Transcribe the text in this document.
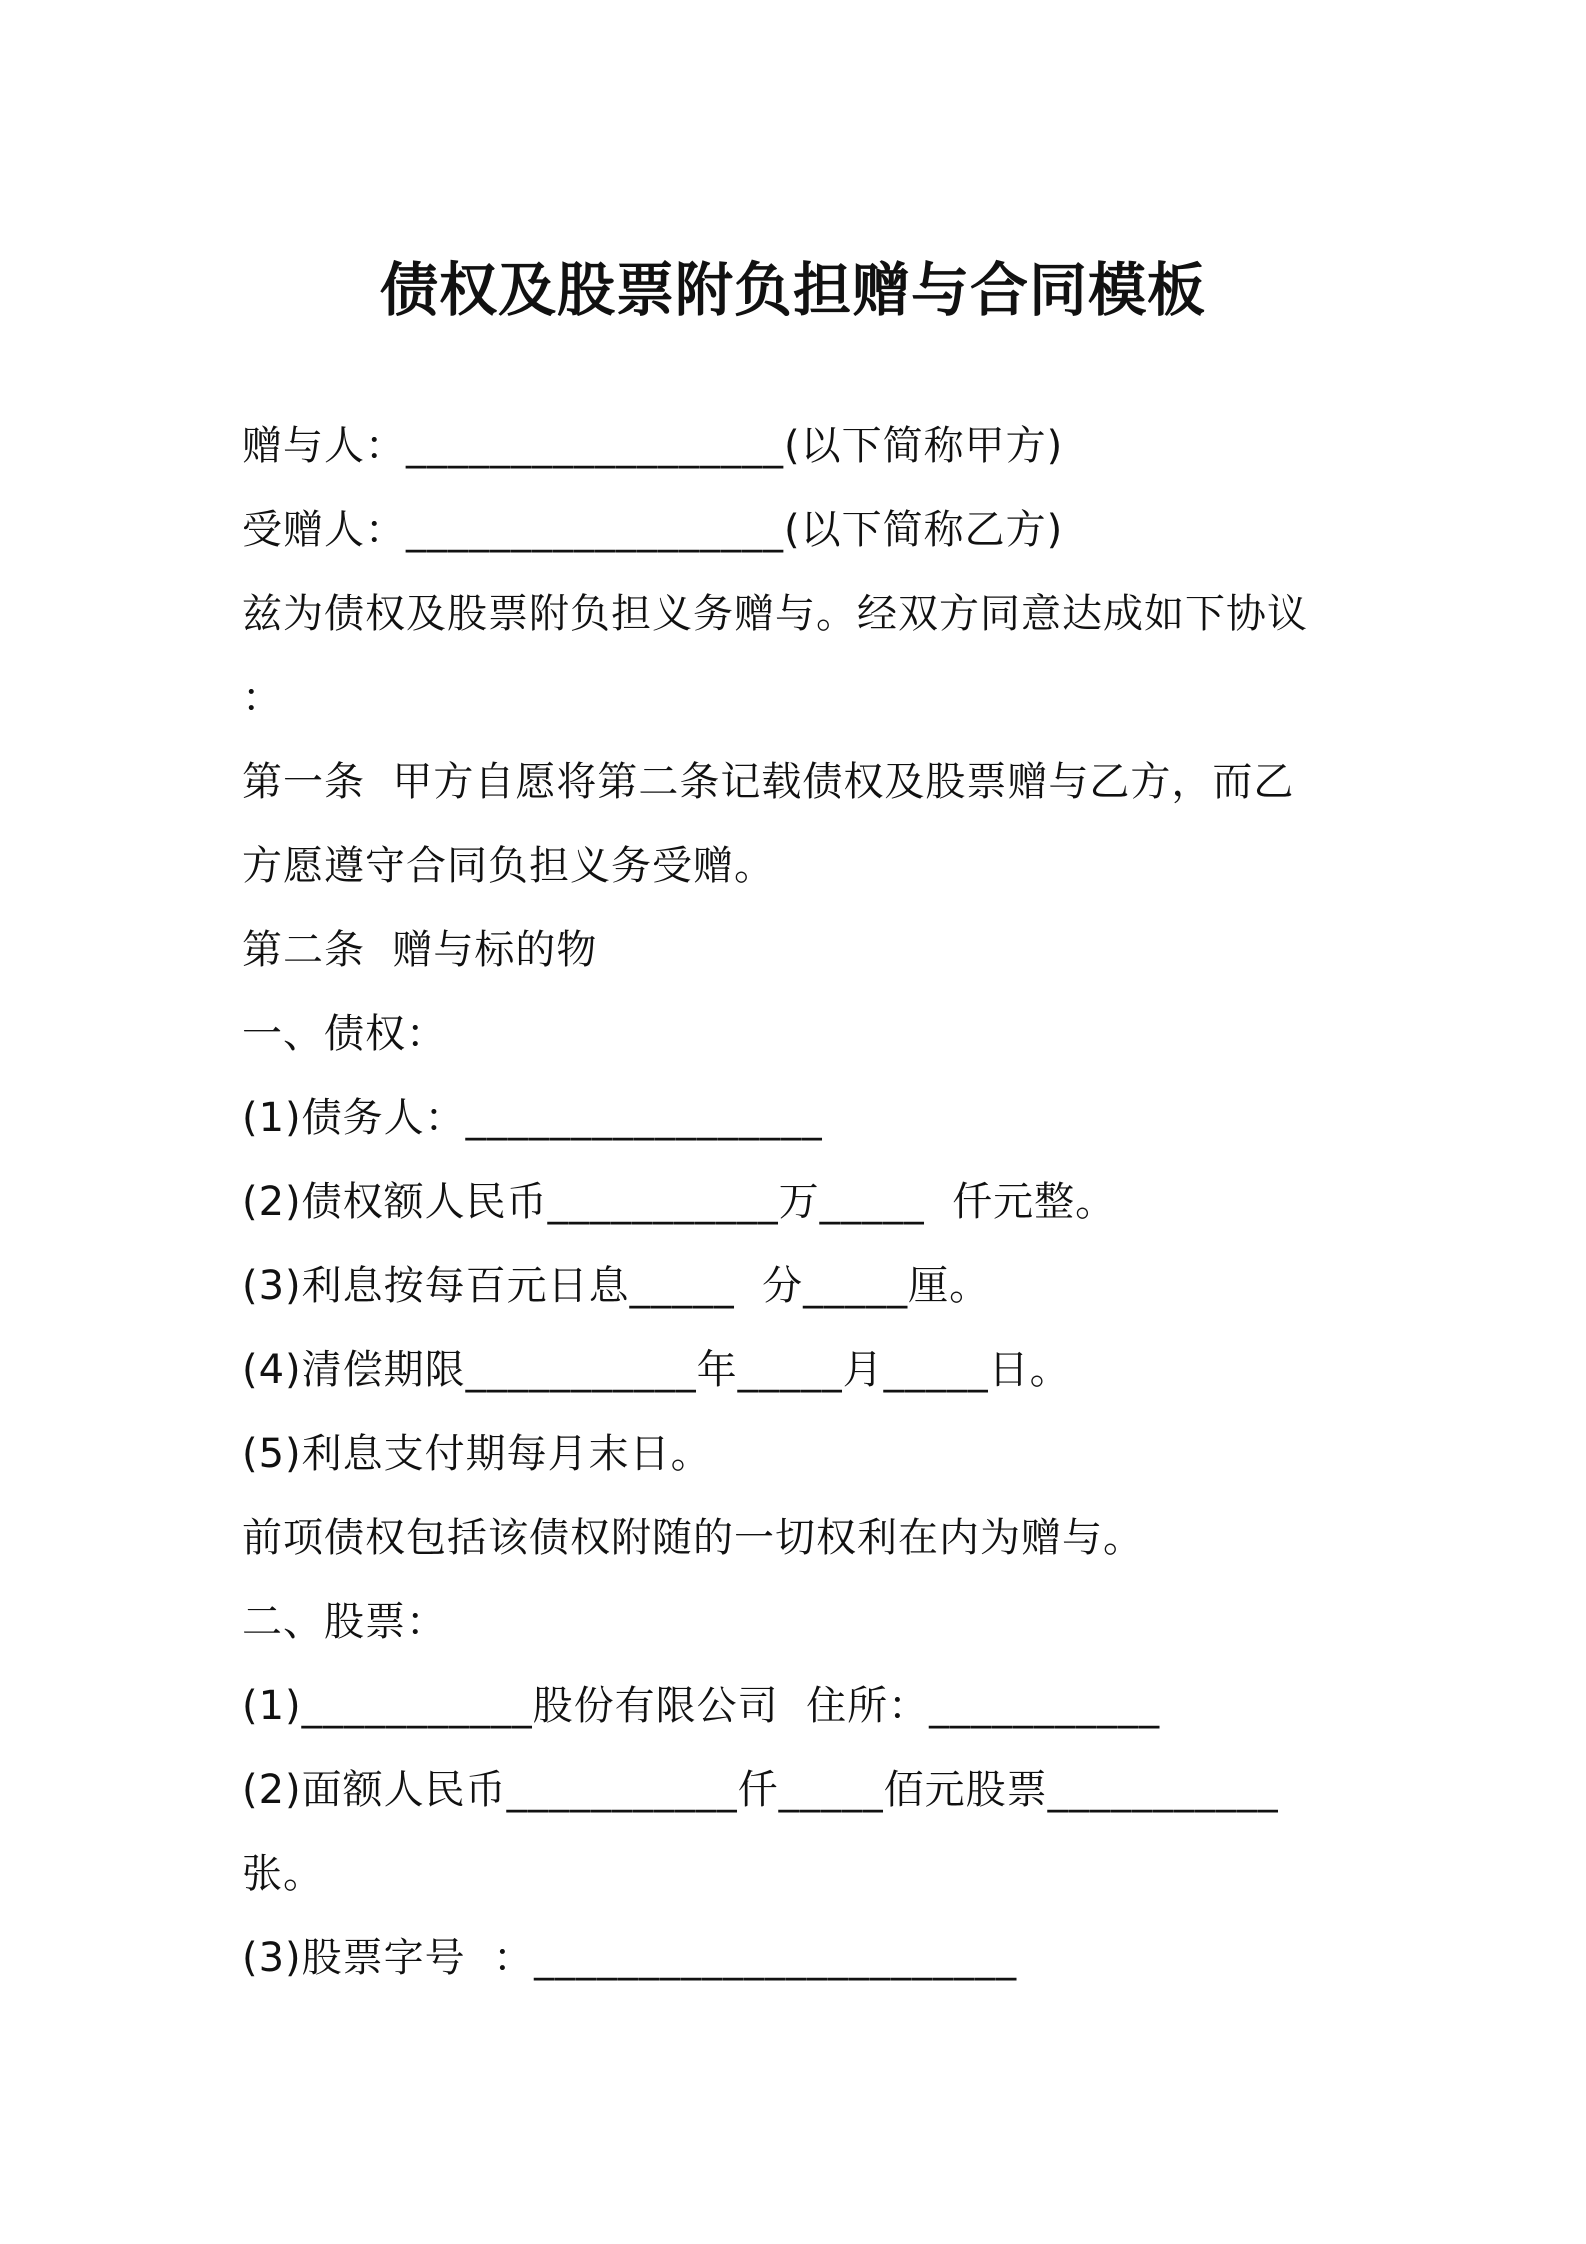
债权及股票附负担赠与合同模板
赠与人：__________________(以下简称甲方)
受赠人：__________________(以下简称乙方)
兹为债权及股票附负担义务赠与。经双方同意达成如下协议
：
第一条  甲方自愿将第二条记载债权及股票赠与乙方，而乙
方愿遵守合同负担义务受赠。
第二条  赠与标的物
一、债权：
(1)债务人：_________________
(2)债权额人民币___________万_____  仟元整。
(3)利息按每百元日息_____  分_____厘。
(4)清偿期限___________年_____月_____日。
(5)利息支付期每月末日。
前项债权包括该债权附随的一切权利在内为赠与。
二、股票：
(1)___________股份有限公司  住所：___________
(2)面额人民币___________仟_____佰元股票___________
张。
(3)股票字号  ：_______________________
